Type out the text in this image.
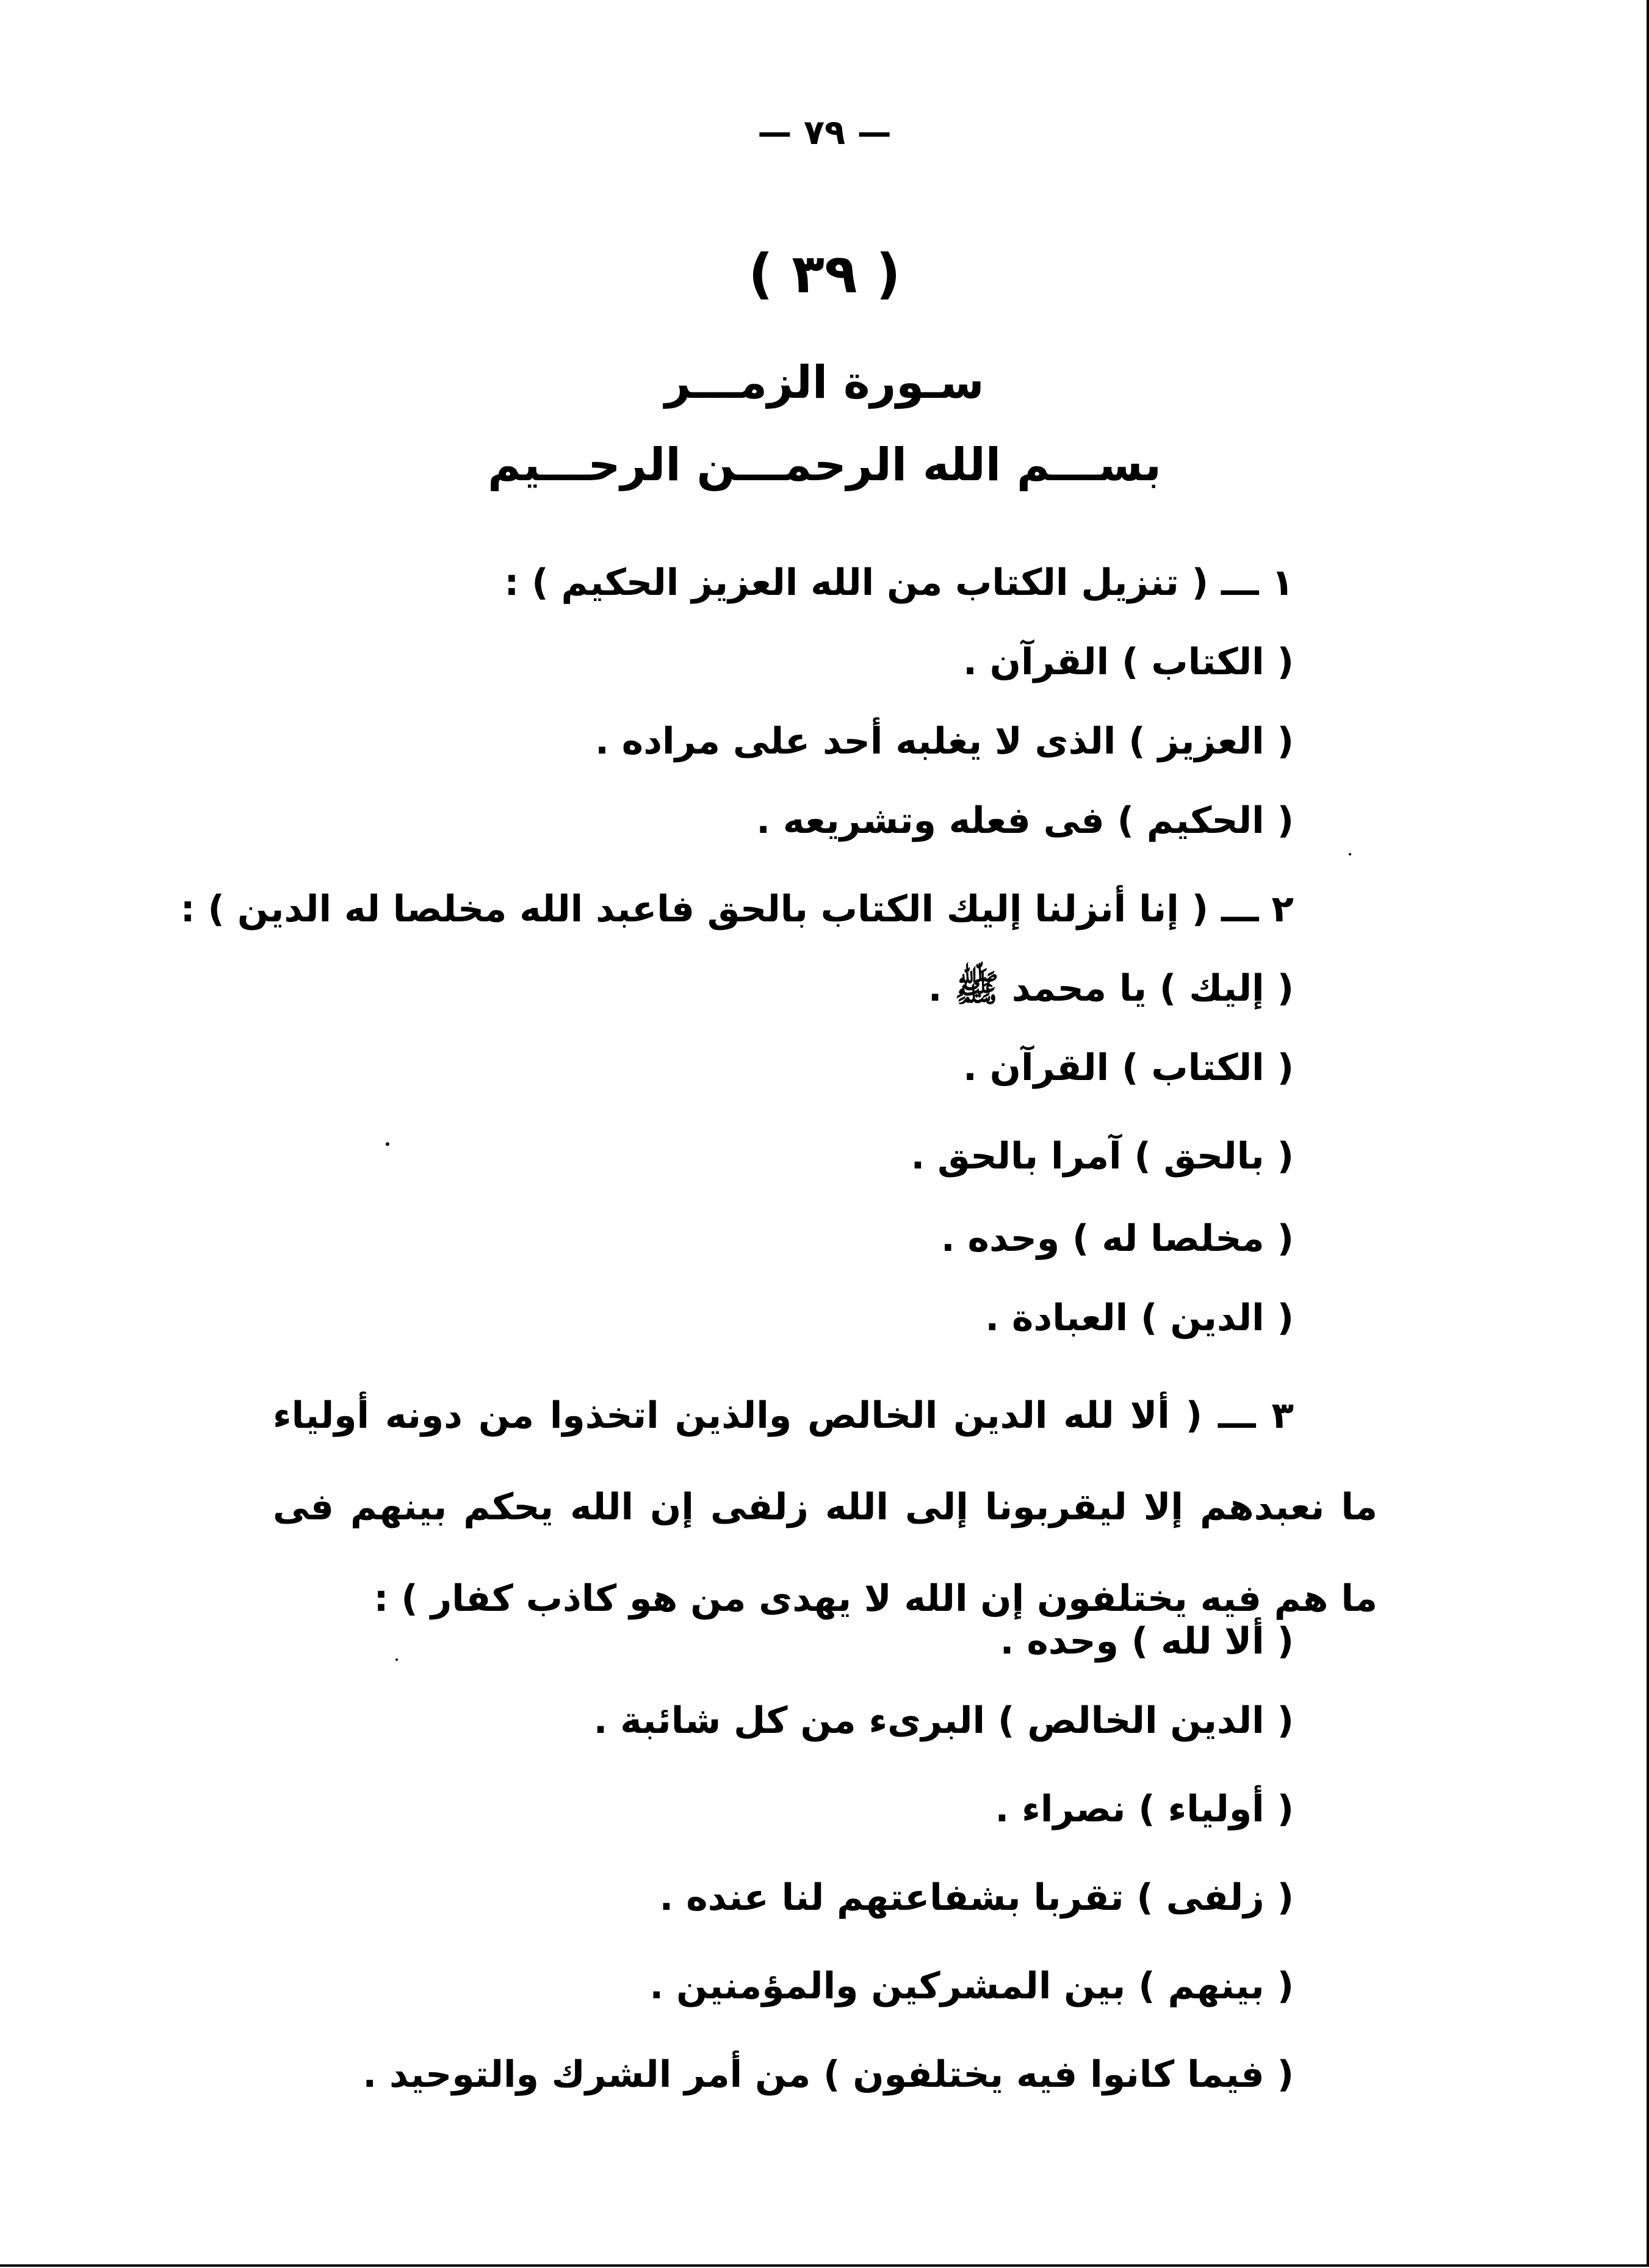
— ٧٩ —
( ٣٩ )
سـورة الزمـــر
بســـم الله الرحمـــن الرحـــيم
١ ـــ ( تنزيل الكتاب من الله العزيز الحكيم ) :
( الكتاب ) القرآن .
( العزيز ) الذى لا يغلبه أحد على مراده .
( الحكيم ) فى فعله وتشريعه .
٢ ـــ ( إنا أنزلنا إليك الكتاب بالحق فاعبد الله مخلصا له الدين ) :
( إليك ) يا محمد ﷺ .
( الكتاب ) القرآن .
( بالحق ) آمرا بالحق .
( مخلصا له ) وحده .
( الدين ) العبادة .
٣ ـــ ( ألا لله الدين الخالص والذين اتخذوا من دونه أولياء ما نعبدهم إلا ليقربونا إلى الله زلفى إن الله يحكم بينهم فى ما هم فيه يختلفون إن الله لا يهدى من هو كاذب كفار ) :
( ألا لله ) وحده .
( الدين الخالص ) البرىء من كل شائبة .
( أولياء ) نصراء .
( زلفى ) تقربا بشفاعتهم لنا عنده .
( بينهم ) بين المشركين والمؤمنين .
( فيما كانوا فيه يختلفون ) من أمر الشرك والتوحيد .
